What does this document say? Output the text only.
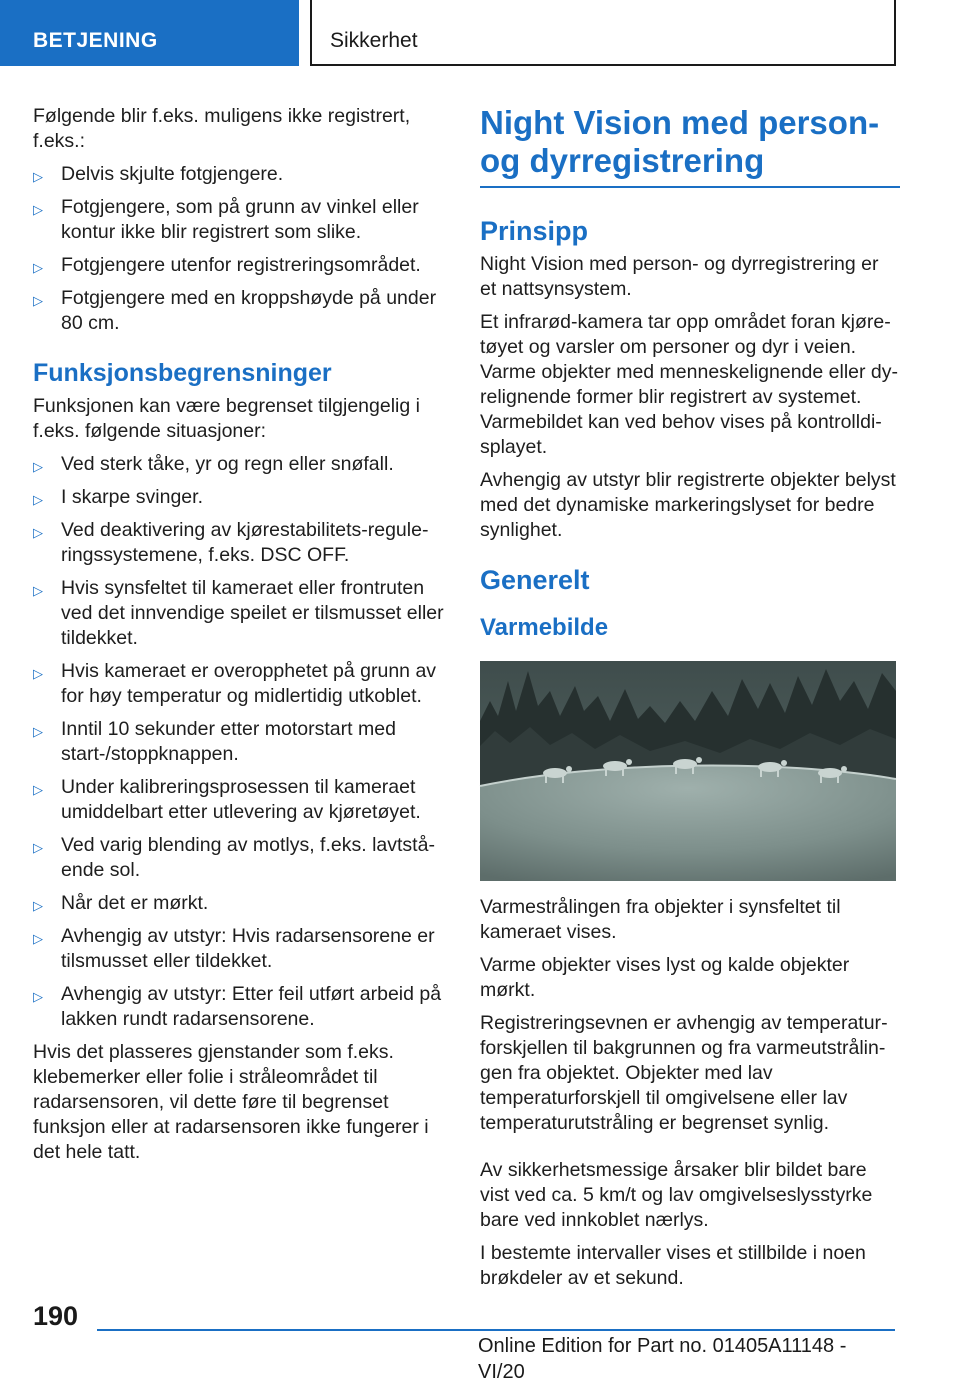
BETJENING	Sikkerhet

Følgende blir f.eks. muligens ikke registrert, f.eks.:

▷ Delvis skjulte fotgjengere.
▷ Fotgjengere, som på grunn av vinkel eller kontur ikke blir registrert som slike.
▷ Fotgjengere utenfor registreringsområdet.
▷ Fotgjengere med en kroppshøyde på under 80 cm.
Funksjonsbegrensninger

Funksjonen kan være begrenset tilgjengelig i f.eks. følgende situasjoner:

▷ Ved sterk tåke, yr og regn eller snøfall.
▷ I skarpe svinger.
▷ Ved deaktivering av kjørestabilitets-reguleringssystemene, f.eks. DSC OFF.
▷ Hvis synsfeltet til kameraet eller frontruten ved det innvendige speilet er tilsmusset eller tildekket.
▷ Hvis kameraet er overopphetet på grunn av for høy temperatur og midlertidig utkoblet.
▷ Inntil 10 sekunder etter motorstart med start-/stoppknappen.
▷ Under kalibreringsprosessen til kameraet umiddelbart etter utlevering av kjøretøyet.
▷ Ved varig blending av motlys, f.eks. lavtstående sol.
▷ Når det er mørkt.
▷ Avhengig av utstyr: Hvis radarsensorene er tilsmusset eller tildekket.
▷ Avhengig av utstyr: Etter feil utført arbeid på lakken rundt radarsensorene.

Hvis det plasseres gjenstander som f.eks. klebemerker eller folie i stråleområdet til radarsensoren, vil dette føre til begrenset funksjon eller at radarsensoren ikke fungerer i det hele tatt.

Night Vision med person- og dyrregistrering
Prinsipp

Night Vision med person- og dyrregistrering er et nattsynsystem.

Et infrarød-kamera tar opp området foran kjøretøyet og varsler om personer og dyr i veien. Varme objekter med menneskelignende eller dyrelignende former blir registrert av systemet. Varmebildet kan ved behov vises på kontrolldisplayet.

Avhengig av utstyr blir registrerte objekter belyst med det dynamiske markeringslyset for bedre synlighet.

Generelt
Varmebilde

Varmestrålingen fra objekter i synsfeltet til kameraet vises.

Varme objekter vises lyst og kalde objekter mørkt.

Registreringsevnen er avhengig av temperaturforskjellen til bakgrunnen og fra varmeutstrålingen fra objektet. Objekter med lav temperaturforskjell til omgivelsene eller lav temperaturutstråling er begrenset synlig.

Av sikkerhetsmessige årsaker blir bildet bare vist ved ca. 5 km/t og lav omgivelseslysstyrke bare ved innkoblet nærlys.

I bestemte intervaller vises et stillbilde i noen brøkdeler av et sekund.

190
Online Edition for Part no. 01405A11148 - VI/20
